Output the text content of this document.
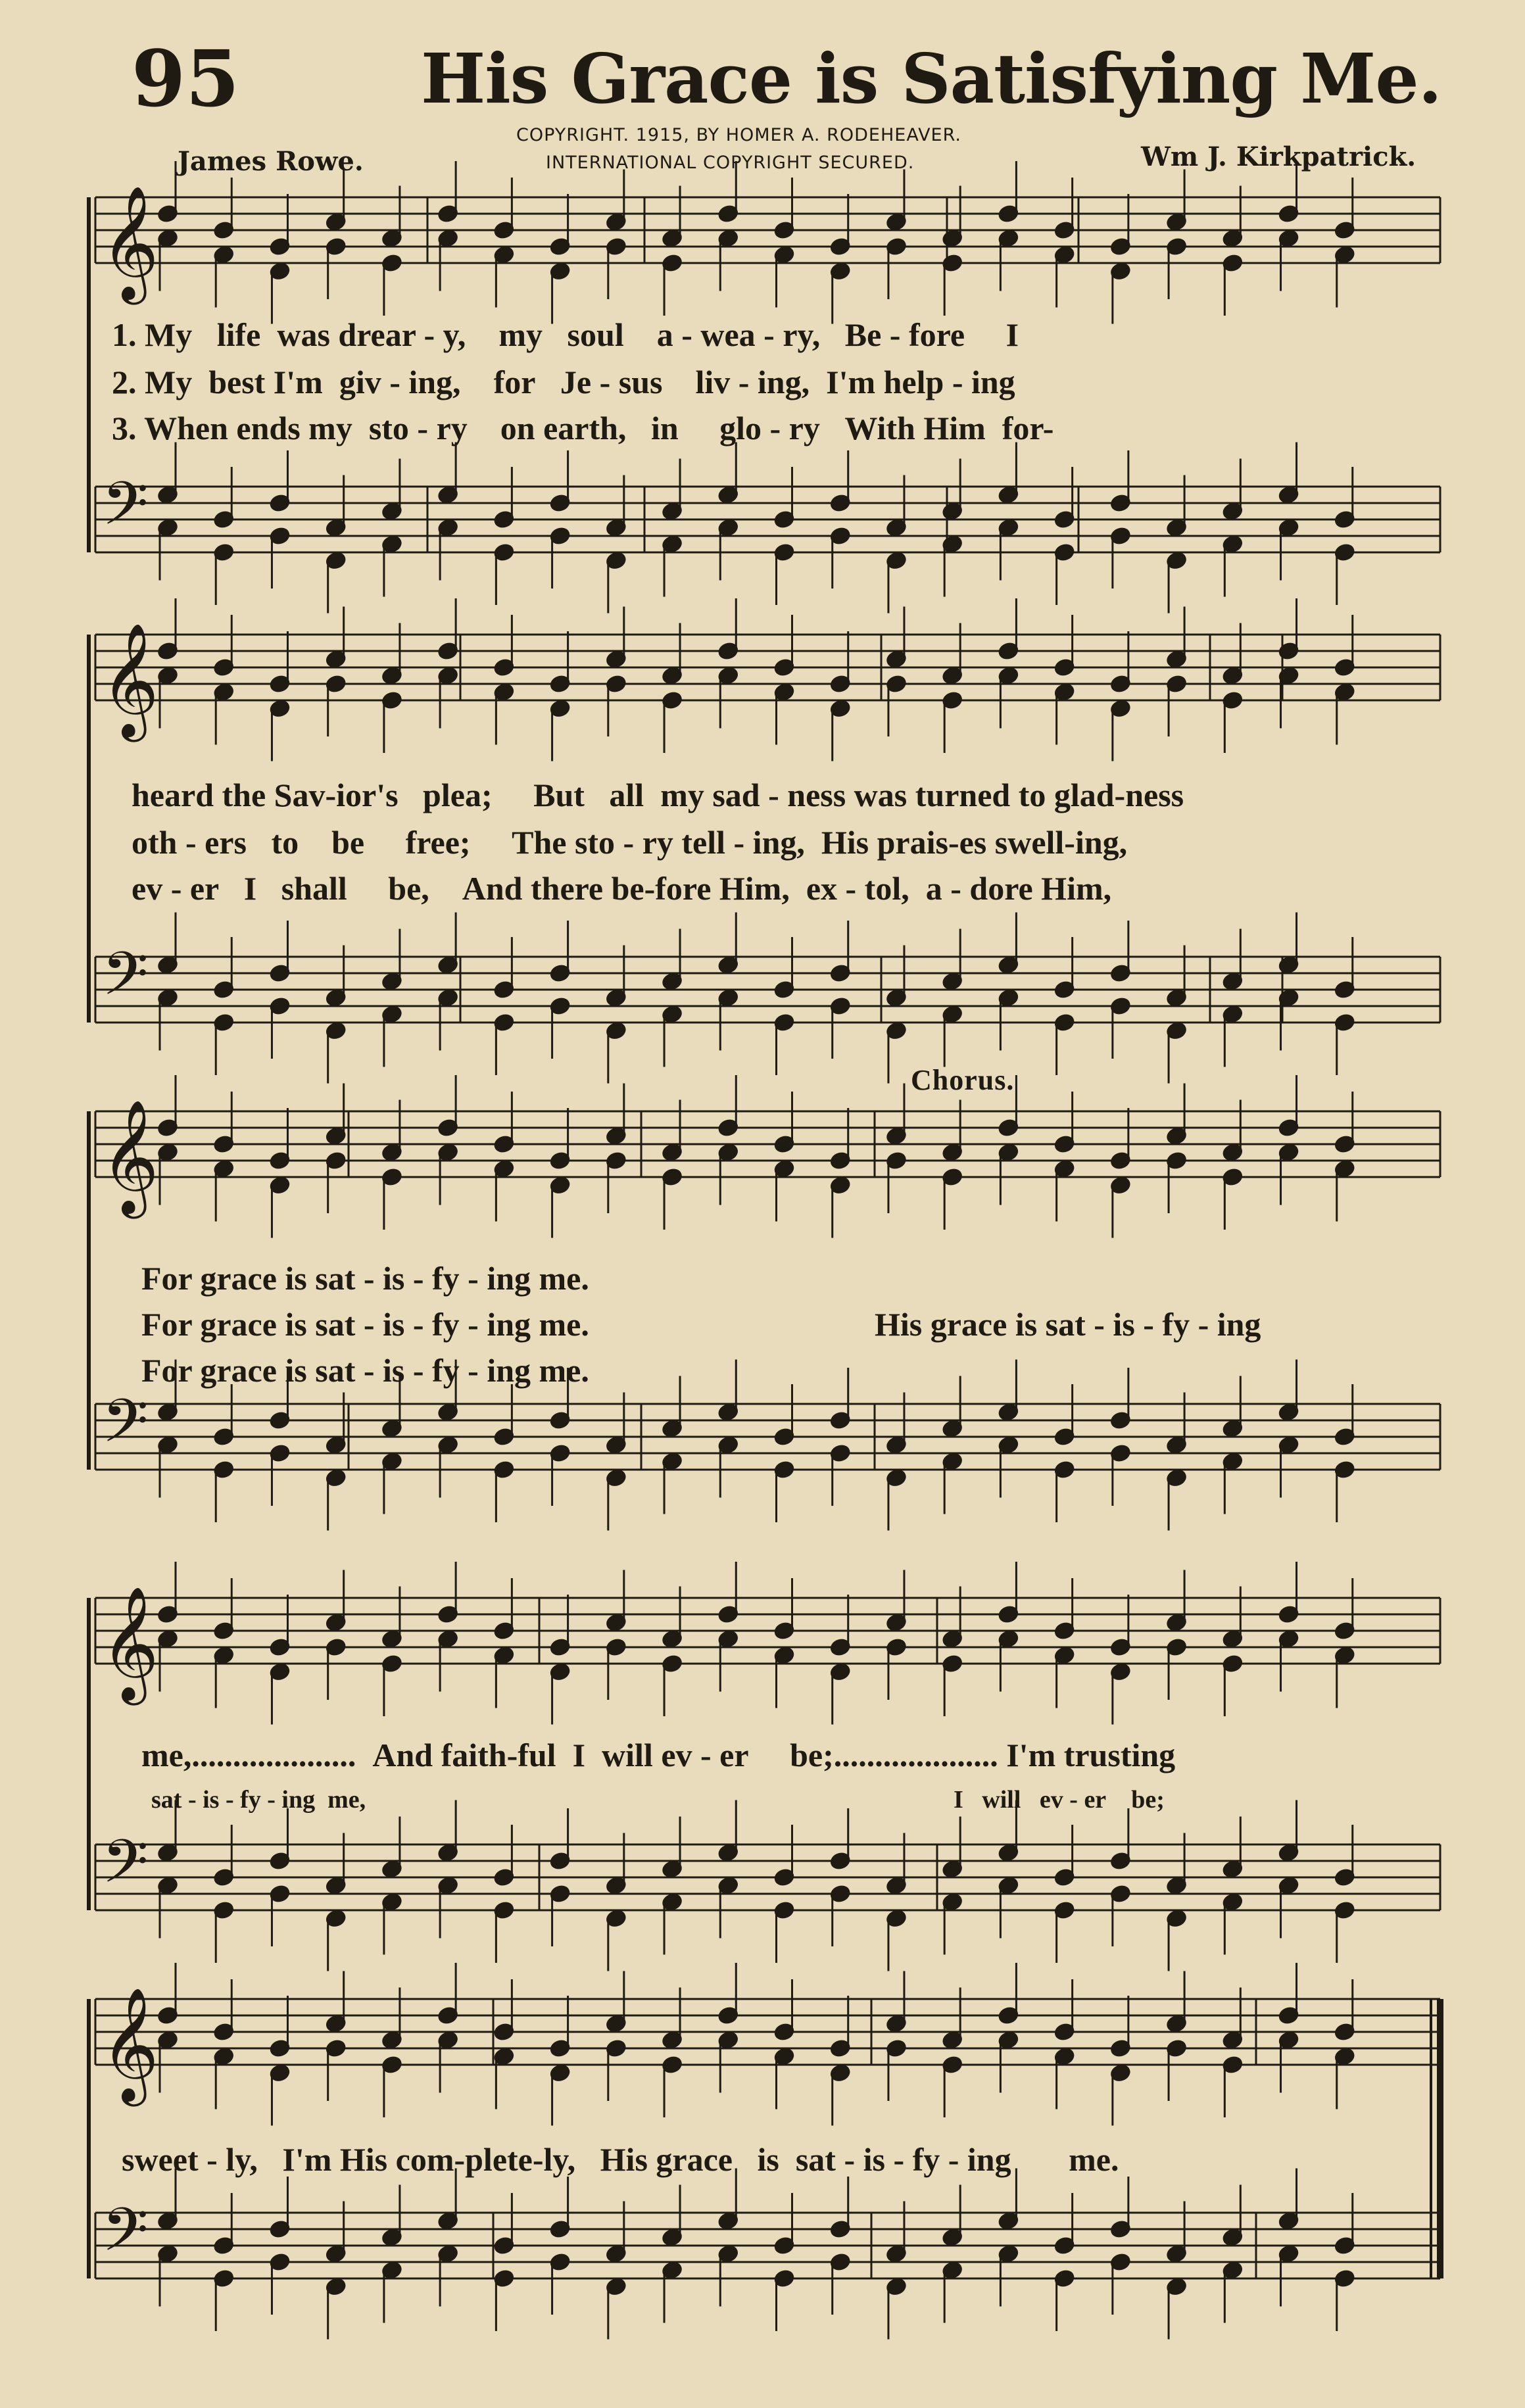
95	His Grace is Satisfying Me.
COPYRIGHT. 1915, BY HOMER A. RODEHEAVER.
INTERNATIONAL COPYRIGHT SECURED.
James Rowe.	Wm J. Kirkpatrick.
𝄞
𝄢
𝄞
𝄢
𝄞
𝄢
𝄞
𝄢
𝄞
𝄢
1. My life was drear - y, my soul a - wea - ry, Be - fore I
2. My best I'm giv - ing, for Je - sus liv - ing, I'm help - ing
3. When ends my sto - ry on earth, in glo - ry With Him for-
heard the Sav-ior's plea; But all my sad - ness was turned to glad-ness
oth - ers to be free; The sto - ry tell - ing, His prais-es swell-ing,
ev - er I shall be, And there be-fore Him, ex - tol, a - dore Him,
Chorus.
For grace is sat - is - fy - ing me.
For grace is sat - is - fy - ing me.	His grace is sat - is - fy - ing
For grace is sat - is - fy - ing me.
me,.................... And faith-ful I will ev - er be;.................... I'm trusting
sat - is - fy - ing me,	I will ev - er be;
sweet - ly, I'm His com-plete-ly, His grace is sat - is - fy - ing me.
